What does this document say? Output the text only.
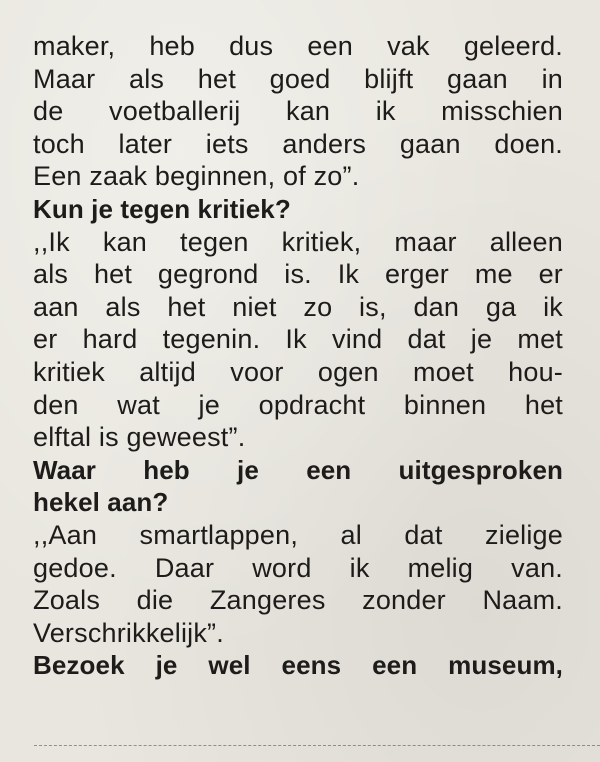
maker, heb dus een vak geleerd.
Maar als het goed blijft gaan in
de voetballerij kan ik misschien
toch later iets anders gaan doen.
Een zaak beginnen, of zo”.
Kun je tegen kritiek?
,,Ik kan tegen kritiek, maar alleen
als het gegrond is. Ik erger me er
aan als het niet zo is, dan ga ik
er hard tegenin. Ik vind dat je met
kritiek altijd voor ogen moet hou-
den wat je opdracht binnen het
elftal is geweest”.
Waar heb je een uitgesproken
hekel aan?
,,Aan smartlappen, al dat zielige
gedoe. Daar word ik melig van.
Zoals die Zangeres zonder Naam.
Verschrikkelijk”.
Bezoek je wel eens een museum,
